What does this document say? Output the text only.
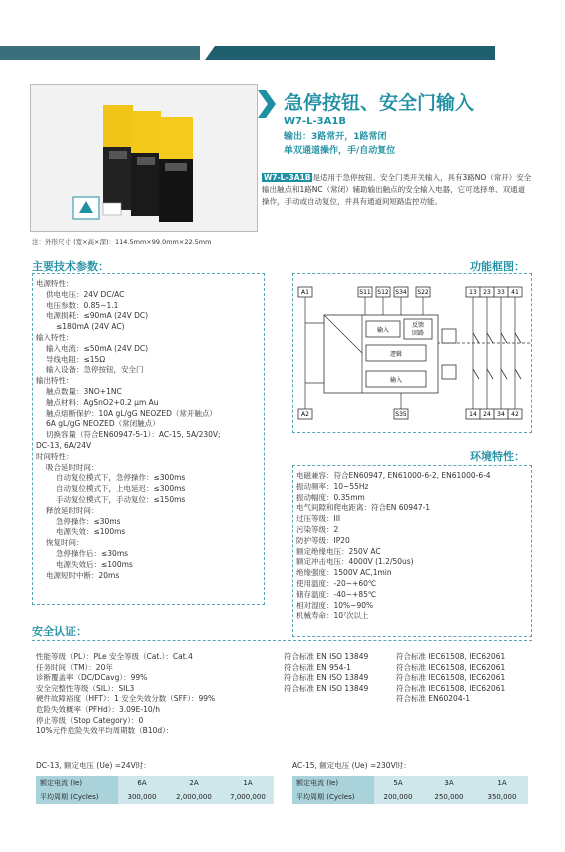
急停按钮、安全门输入
W7-L-3A1B
输出：3路常开，1路常闭
单双通道操作，手/自动复位
W7-L-3A1B 是适用于急停按钮、安全门类开关输入，具有3路NO（常开）安全输出触点和1路NC（常闭）辅助输出触点的安全输入电器，它可选择单、双通道操作，手动或自动复位，并具有通道间短路监控功能。
注：外形尺寸 (宽×高×深)：114.5mm×99.0mm×22.5mm
主要技术参数：	功能框图：
环境特性：
安全认证：
电源特性：
供电电压：24V DC/AC
电压参数：0.85~1.1
电源损耗：≤90mA (24V DC)
≤180mA (24V AC)
输入特性：
输入电流：≤50mA (24V DC)
导线电阻：≤15Ω
输入设备：急停按钮，安全门
输出特性：
触点数量：3NO+1NC
触点材料：AgSnO2+0.2 μm Au
触点熔断保护：10A gL/gG NEOZED（常开触点）
6A gL/gG NEOZED（常闭触点）
切换容量（符合EN60947-5-1）：AC-15, 5A/230V;
DC-13, 6A/24V
时间特性：
吸合延时时间：
自动复位模式下，急停操作：≤300ms
自动复位模式下，上电延迟：≤300ms
手动复位模式下，手动复位：≤150ms
释放延时时间：
急停操作：≤30ms
电源失效：≤100ms
恢复时间：
急停操作后：≤30ms
电源失效后：≤100ms
电源短时中断：20ms
A1	S11 S12 S34 S22	13 23 33 41
A2	S35	14 24 34 42
输入
反馈
回路
逻辑
输入
电磁兼容：符合EN60947, EN61000-6-2, EN61000-6-4
振动频率：10~55Hz
振动幅度：0.35mm
电气间隙和爬电距离：符合EN 60947-1
过压等级：III
污染等级：2
防护等级：IP20
额定绝缘电压：250V AC
额定冲击电压：4000V (1.2/50us)
绝缘强度：1500V AC,1min
使用温度：-20~+60℃
储存温度：-40~+85℃
相对湿度：10%~90%
机械寿命：10⁷次以上
性能等级（PL）：PLe 安全等级（Cat.）：Cat.4
任务时间（TM）：20年
诊断覆盖率（DC/DCavg）：99%
安全完整性等级（SIL）：SIL3
硬件故障裕度（HFT）：1 安全失效分数（SFF）：99%
危险失效概率（PFHd）：3.09E-10/h
停止等级（Stop Category）：0
10%元件危险失效平均周期数（B10d）：
符合标准 EN ISO 13849
符合标准 EN 954-1
符合标准 EN ISO 13849
符合标准 EN ISO 13849
符合标准 IEC61508, IEC62061
符合标准 IEC61508, IEC62061
符合标准 IEC61508, IEC62061
符合标准 IEC61508, IEC62061
符合标准 EN60204-1
DC-13, 额定电压 (Ue) =24V时：
额定电流 (Ie)	6A	2A	1A
平均周期 (Cycles)	300,000	2,000,000	7,000,000
AC-15, 额定电压 (Ue) =230V时：
额定电流 (Ie)	5A	3A	1A
平均周期 (Cycles)	200,000	250,000	350,000
